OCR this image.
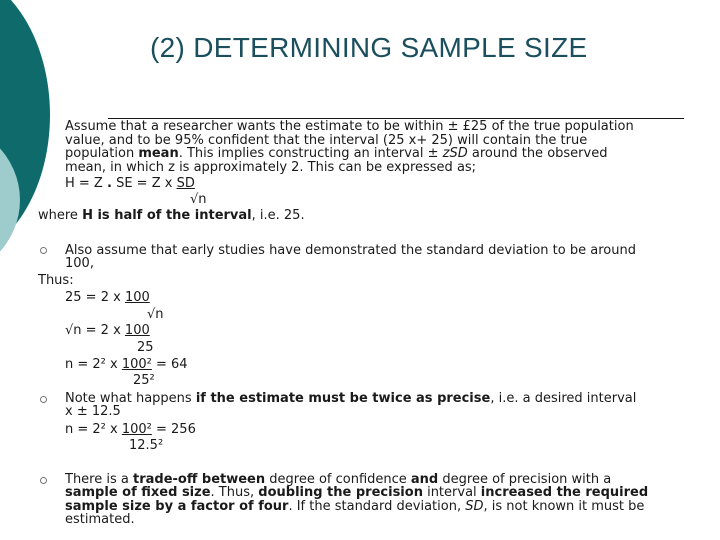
(2) DETERMINING SAMPLE SIZE
Assume that a researcher wants the estimate to be within ± £25 of the true population
value, and to be 95% confident that the interval (25 x+ 25) will contain the true
population mean. This implies constructing an interval ± zSD around the observed
mean, in which z is approximately 2. This can be expressed as;
H = Z . SE = Z x SD
√n
where H is half of the interval, i.e. 25.
Also assume that early studies have demonstrated the standard deviation to be around
100,
Thus:
25 = 2 x 100
√n
√n = 2 x 100
25
n = 2² x 100² = 64
25²
Note what happens if the estimate must be twice as precise, i.e. a desired interval
x ± 12.5
n = 2² x 100² = 256
12.5²
There is a trade-off between degree of confidence and degree of precision with a
sample of fixed size. Thus, doubling the precision interval increased the required
sample size by a factor of four. If the standard deviation, SD, is not known it must be
estimated.
